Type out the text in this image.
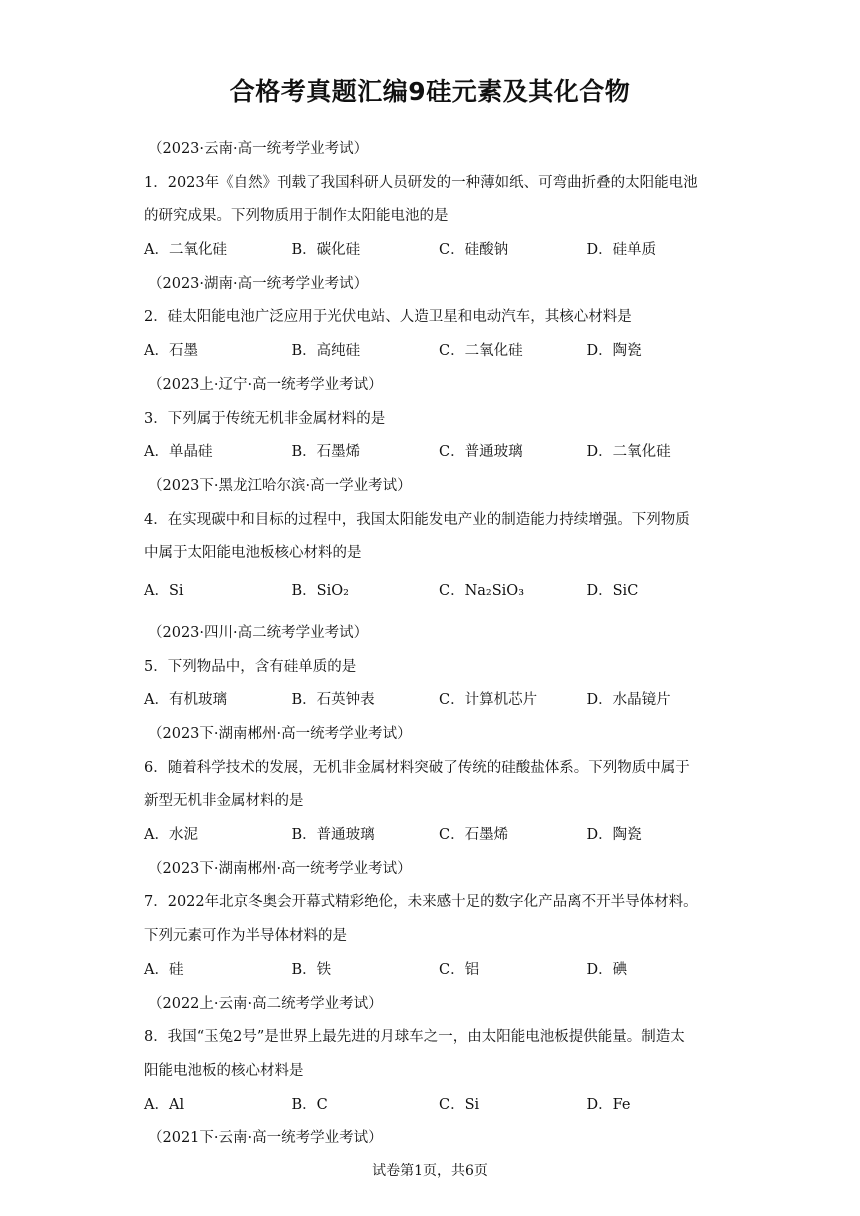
合格考真题汇编9硅元素及其化合物
（2023·云南·高一统考学业考试）
1．2023年《自然》刊载了我国科研人员研发的一种薄如纸、可弯曲折叠的太阳能电池
的研究成果。下列物质用于制作太阳能电池的是
A．二氧化硅	B．碳化硅	C．硅酸钠	D．硅单质
（2023·湖南·高一统考学业考试）
2．硅太阳能电池广泛应用于光伏电站、人造卫星和电动汽车，其核心材料是
A．石墨	B．高纯硅	C．二氧化硅	D．陶瓷
（2023上·辽宁·高一统考学业考试）
3．下列属于传统无机非金属材料的是
A．单晶硅	B．石墨烯	C．普通玻璃	D．二氧化硅
（2023下·黑龙江哈尔滨·高一学业考试）
4．在实现碳中和目标的过程中，我国太阳能发电产业的制造能力持续增强。下列物质
中属于太阳能电池板核心材料的是
A．Si	B．SiO₂	C．Na₂SiO₃	D．SiC
（2023·四川·高二统考学业考试）
5．下列物品中，含有硅单质的是
A．有机玻璃	B．石英钟表	C．计算机芯片	D．水晶镜片
（2023下·湖南郴州·高一统考学业考试）
6．随着科学技术的发展，无机非金属材料突破了传统的硅酸盐体系。下列物质中属于
新型无机非金属材料的是
A．水泥	B．普通玻璃	C．石墨烯	D．陶瓷
（2023下·湖南郴州·高一统考学业考试）
7．2022年北京冬奥会开幕式精彩绝伦，未来感十足的数字化产品离不开半导体材料。
下列元素可作为半导体材料的是
A．硅	B．铁	C．铝	D．碘
（2022上·云南·高二统考学业考试）
8．我国“玉兔2号”是世界上最先进的月球车之一，由太阳能电池板提供能量。制造太
阳能电池板的核心材料是
A．Al	B．C	C．Si	D．Fe
（2021下·云南·高一统考学业考试）
试卷第1页，共6页
